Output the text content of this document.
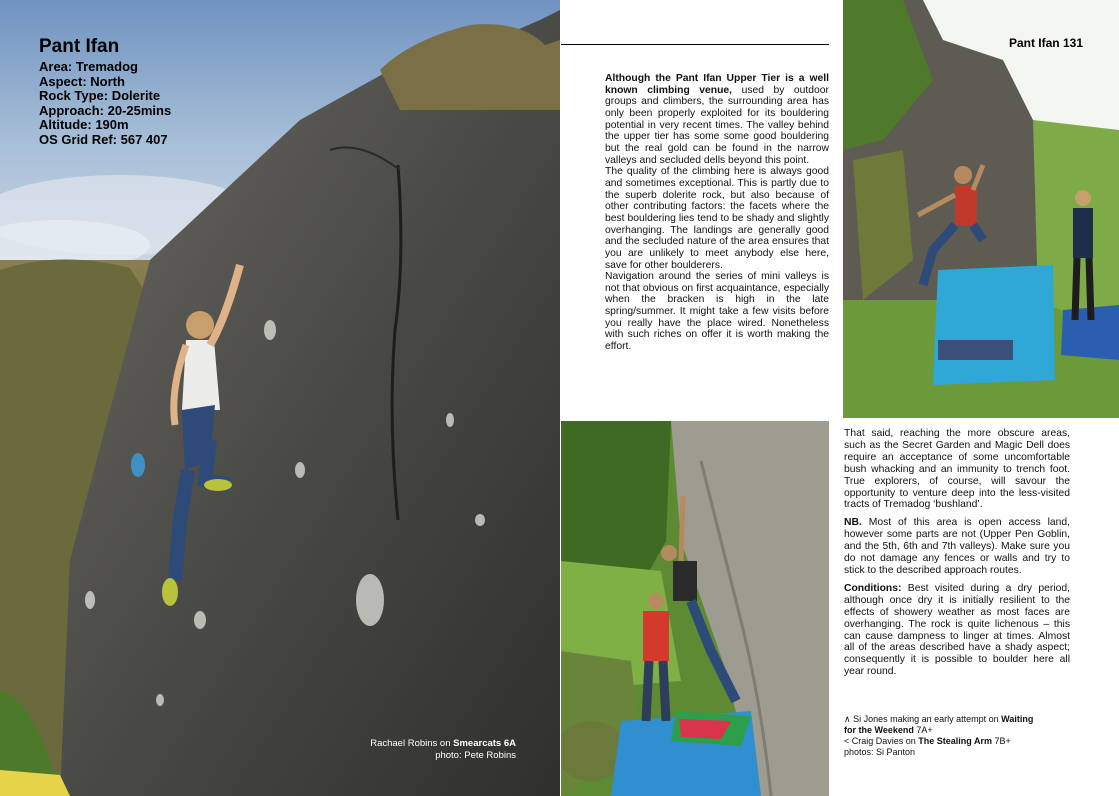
Pant Ifan
Area: Tremadog
Aspect: North
Rock Type: Dolerite
Approach: 20-25mins
Altitude: 190m
OS Grid Ref: 567 407
Rachael Robins on Smearcats 6A
photo: Pete Robins

Although the Pant Ifan Upper Tier is a well known climbing venue, used by outdoor groups and climbers, the surrounding area has only been properly exploited for its bouldering potential in very recent times. The valley behind the upper tier has some some good bouldering but the real gold can be found in the narrow valleys and secluded dells beyond this point.

The quality of the climbing here is always good and sometimes exceptional. This is partly due to the superb dolerite rock, but also because of other contributing factors: the facets where the best bouldering lies tend to be shady and slightly overhanging. The landings are generally good and the secluded nature of the area ensures that you are unlikely to meet anybody else here, save for other boulderers.

Navigation around the series of mini valleys is not that obvious on first acquaintance, especially when the bracken is high in the late spring/summer. It might take a few visits before you really have the place wired. Nonetheless with such riches on offer it is worth making the effort.

Pant Ifan 131

That said, reaching the more obscure areas, such as the Secret Garden and Magic Dell does require an acceptance of some uncomfortable bush whacking and an immunity to trench foot. True explorers, of course, will savour the opportunity to venture deep into the less-visited tracts of Tremadog ‘bushland’.

NB. Most of this area is open access land, however some parts are not (Upper Pen Goblin, and the 5th, 6th and 7th valleys). Make sure you do not damage any fences or walls and try to stick to the described approach routes.

Conditions: Best visited during a dry period, although once dry it is initially resilient to the effects of showery weather as most faces are overhanging. The rock is quite lichenous – this can cause dampness to linger at times. Almost all of the areas described have a shady aspect; consequently it is possible to boulder here all year round.

∧ Si Jones making an early attempt on Waiting
for the Weekend 7A+
< Craig Davies on The Stealing Arm 7B+
photos: Si Panton
